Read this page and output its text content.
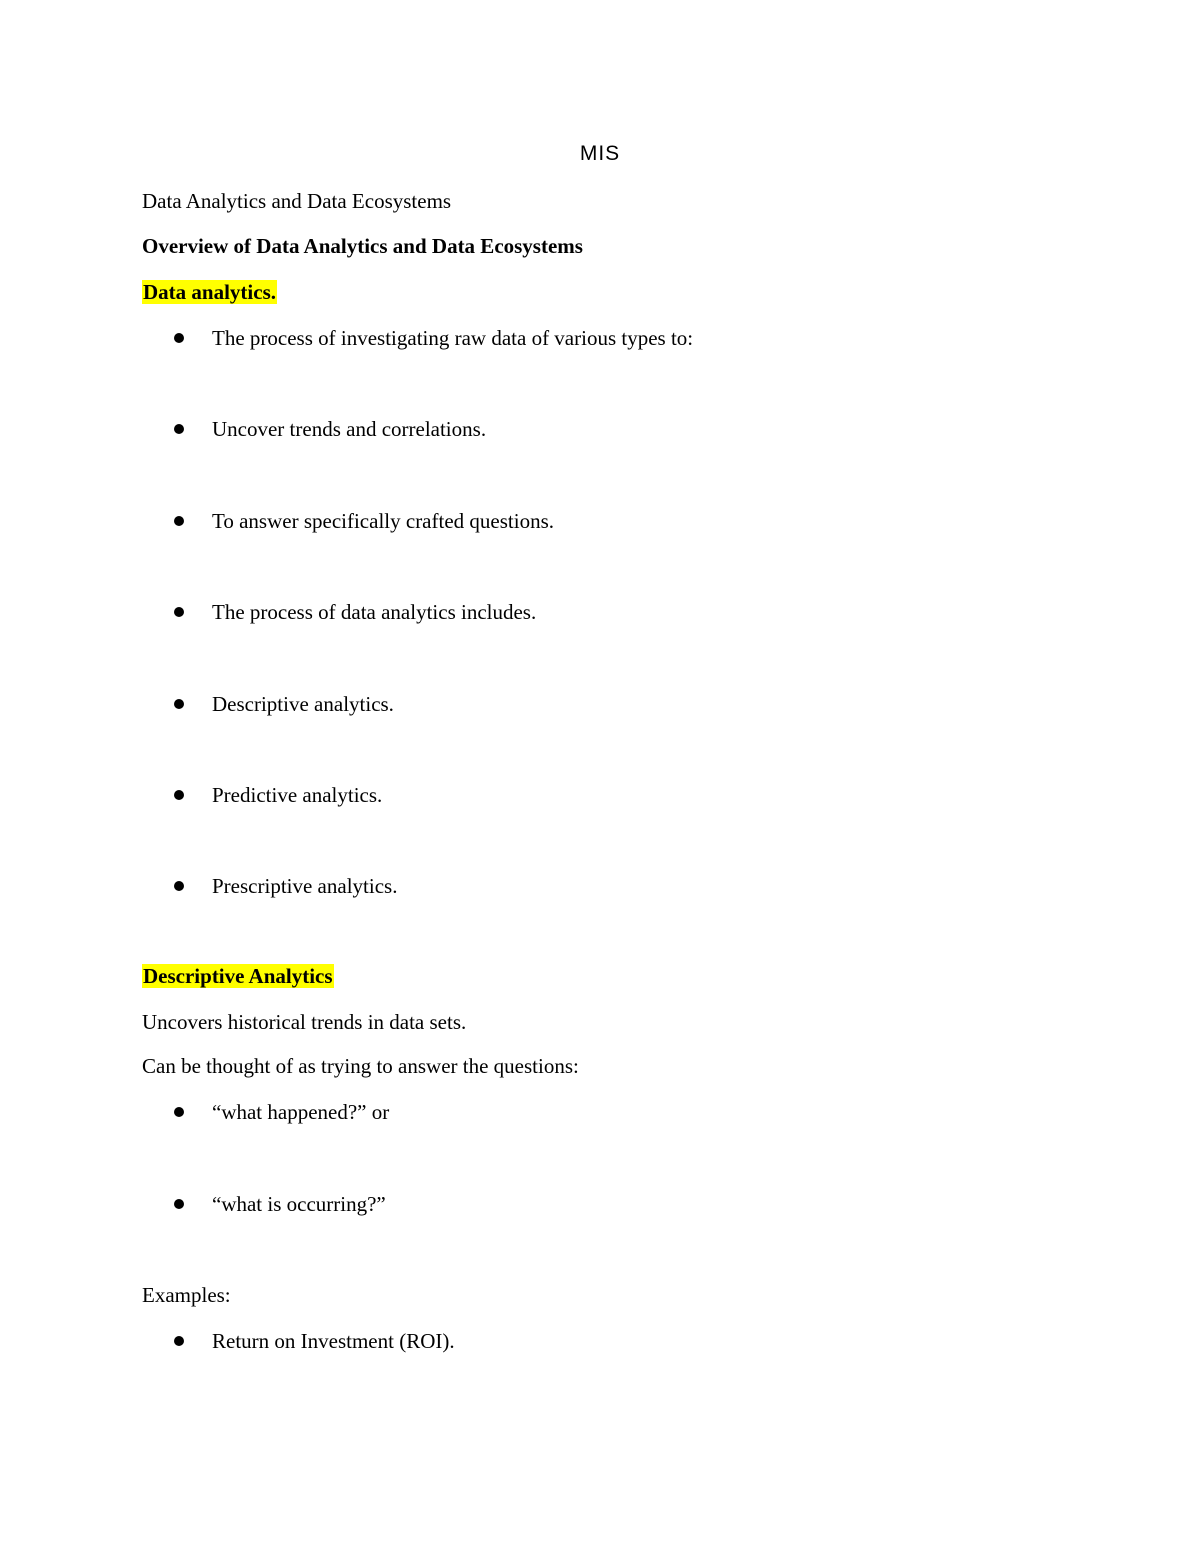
MIS
Data Analytics and Data Ecosystems
Overview of Data Analytics and Data Ecosystems
Data analytics.
The process of investigating raw data of various types to:
Uncover trends and correlations.
To answer specifically crafted questions.
The process of data analytics includes.
Descriptive analytics.
Predictive analytics.
Prescriptive analytics.
Descriptive Analytics
Uncovers historical trends in data sets.
Can be thought of as trying to answer the questions:
“what happened?” or
“what is occurring?”
Examples:
Return on Investment (ROI).
